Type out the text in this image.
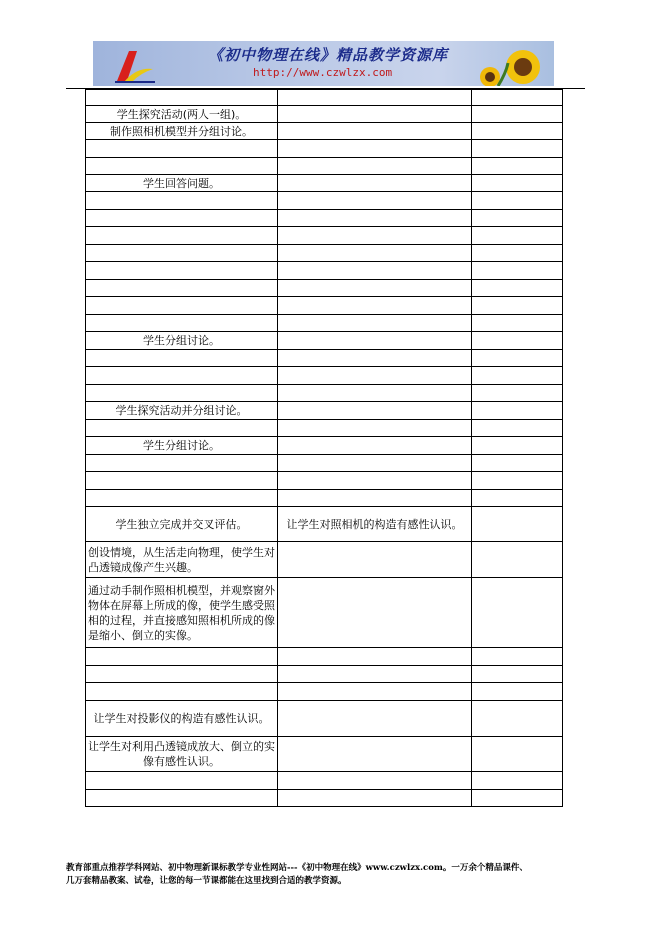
《初中物理在线》精品教学资源库
http://www.czwlzx.com

学生探究活动(两人一组)。		
制作照相机模型并分组讨论。		

学生回答问题。		

学生分组讨论。		

学生探究活动并分组讨论。		

学生分组讨论。		

学生独立完成并交叉评估。	让学生对照相机的构造有感性认识。	
创设情境，从生活走向物理，使学生对凸透镜成像产生兴趣。		
通过动手制作照相机模型，并观察窗外物体在屏幕上所成的像，使学生感受照相的过程，并直接感知照相机所成的像是缩小、倒立的实像。		

让学生对投影仪的构造有感性认识。		
让学生对利用凸透镜成放大、倒立的实像有感性认识。		

教育部重点推荐学科网站、初中物理新课标教学专业性网站---《初中物理在线》www.czwlzx.com。一万余个精品课件、
几万套精品教案、试卷，让您的每一节课都能在这里找到合适的教学资源。
